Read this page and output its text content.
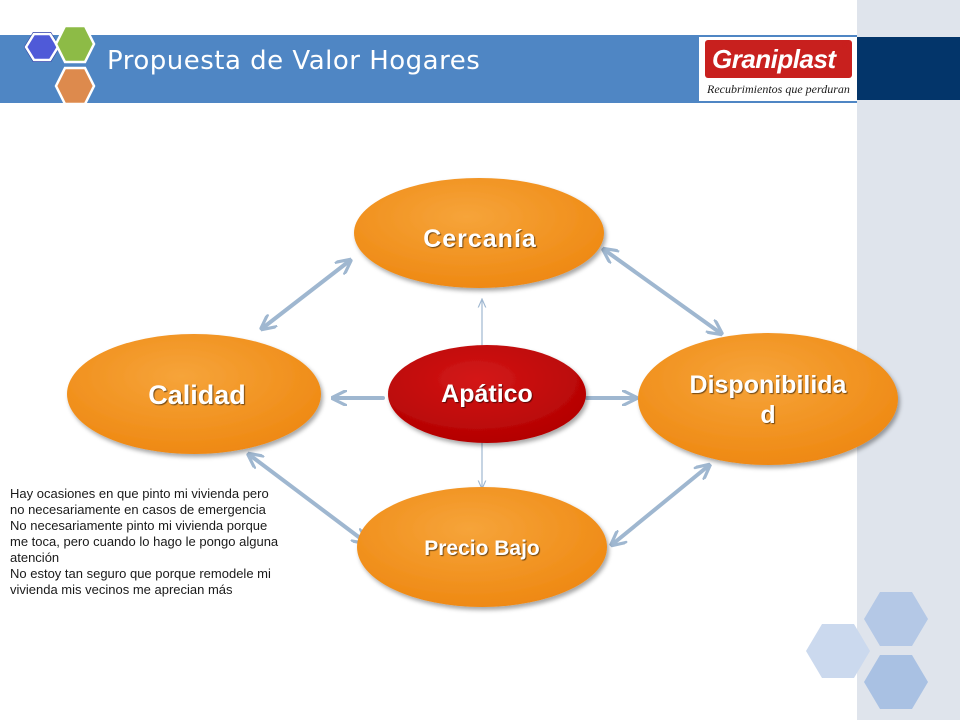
Propuesta de Valor Hogares	Graniplast ®
Recubrimientos que perduran
Cercanía
Calidad	Disponibilida
d
Precio Bajo
Apático

Hay ocasiones en que pinto mi vivienda pero no necesariamente en casos de emergencia

No necesariamente pinto mi vivienda porque me toca, pero cuando lo hago le pongo alguna atención

No estoy tan seguro que porque remodele mi vivienda mis vecinos me aprecian más
